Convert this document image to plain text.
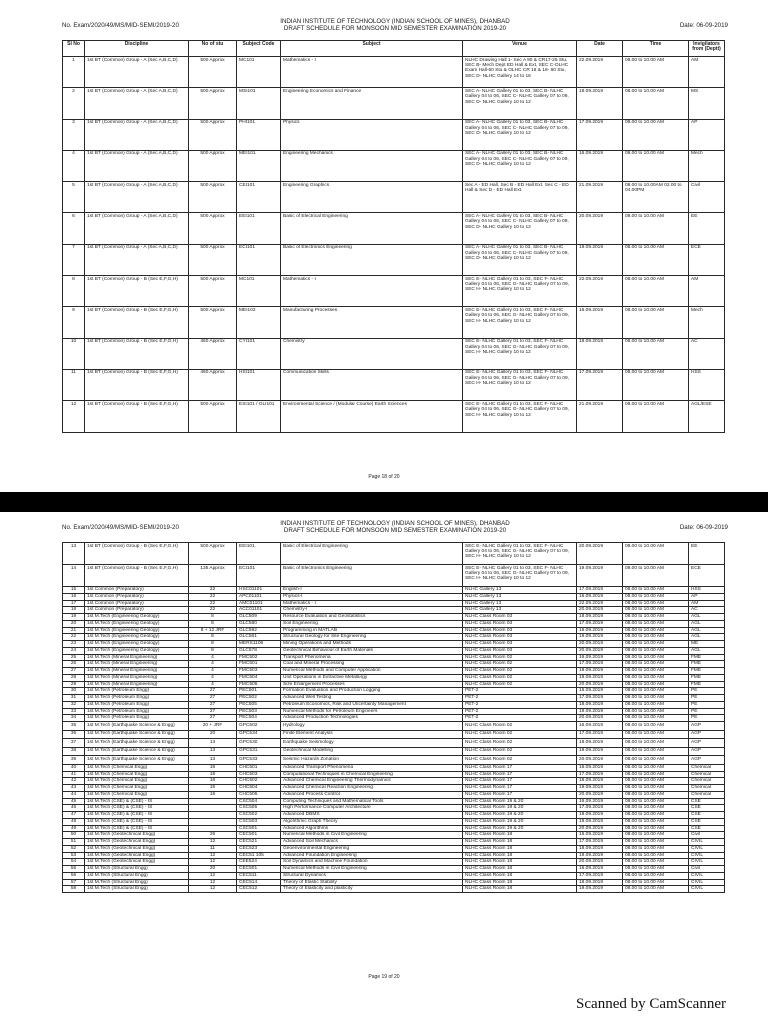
No. Exam/2020/49/MS/MID-SEMI/2019-20	Date: 06-09-2019
INDIAN INSTITUTE OF TECHNOLOGY (INDIAN SCHOOL OF MINES), DHANBAD
DRAFT SCHEDULE FOR MONSOON MID SEMESTER EXAMINATION 2019-20
Sl No	Discipline	No of stu	Subject Code	Subject	Venue	Date	Time	Invigilators from (Deptt)
1	1st BT (Common) Group - A (Sec A,B,C,D)	500 Approx	MC101	Mathematics - I	NLHC Drawing Hall 1- Sec A 90 & CR17-25 Stu, SEC B- Mech Dept ED Hall & Ext, SEC C-OLHC Exam Hall-60 Stu & OLHC CR 18 & 18- 60 Stu, SEC D- NLHC Gallery 14 to 16	22.09.2019	08.00 to 10.00 AM	AM
2	1st BT (Common) Group - A (Sec A,B,C,D)	500 Approx	MSI101	Engineering Economics and Finance	SEC A- NLHC Gallery 01 to 03, SEC B- NLHC Gallery 04 to 06, SEC C- NLHC Gallery 07 to 09, SEC D- NLHC Gallery 10 to 12	18.09.2019	08.00 to 10.00 AM	MS
3	1st BT (Common) Group - A (Sec A,B,C,D)	500 Approx	PHI101	Physics	SEC A- NLHC Gallery 01 to 03, SEC B- NLHC Gallery 04 to 06, SEC C- NLHC Gallery 07 to 09, SEC D- NLHC Gallery 10 to 12	17.09.2019	08.00 to 10.00 AM	AP
4	1st BT (Common) Group - A (Sec A,B,C,D)	500 Approx	MEI101	Engineering Mechanics	SEC A- NLHC Gallery 01 to 03, SEC B- NLHC Gallery 04 to 06, SEC C- NLHC Gallery 07 to 09, SEC D- NLHC Gallery 10 to 12	16.09.2019	08.00 to 10.00 AM	Mech
5	1st BT (Common) Group - A (Sec A,B,C,D)	500 Approx	CEI101	Engineering Graphics	Sec A - ED Hall, Sec B - ED Hall Ext. Sec C - ED Hall & Sec D - ED Hall Ext.	21.09.2019	08.00 to 10.00AM 02.00 to 04.00PM	Civil
6	1st BT (Common) Group - A (Sec A,B,C,D)	500 Approx	EEI101	Basic of Electrical Engineering	SEC A- NLHC Gallery 01 to 03, SEC B- NLHC Gallery 04 to 06, SEC C- NLHC Gallery 07 to 09, SEC D- NLHC Gallery 10 to 12	20.09.2019	08.00 to 10.00 AM	EE
7	1st BT (Common) Group - A (Sec A,B,C,D)	500 Approx	ECI101	Basic of Electronics Engineering	SEC A- NLHC Gallery 01 to 03, SEC B- NLHC Gallery 04 to 06, SEC C- NLHC Gallery 07 to 09, SEC D- NLHC Gallery 10 to 12	19.09.2019	08.00 to 10.00 AM	ECE
8	1st BT (Common) Group - B (Sec E,F,G,H)	500 Approx	MC101	Mathematics - I	SEC E- NLHC Gallery 01 to 03, SEC F- NLHC Gallery 04 to 06, SEC G- NLHC Gallery 07 to 09, SEC H- NLHC Gallery 10 to 12	22.09.2019	08.00 to 10.00 AM	AM
9	1st BT (Common) Group - B (Sec E,F,G,H)	500 Approx	MEI102	Manufacturing Processes	SEC E- NLHC Gallery 01 to 03, SEC F- NLHC Gallery 04 to 06, SEC G- NLHC Gallery 07 to 09, SEC H- NLHC Gallery 10 to 12	16.09.2019	08.00 to 10.00 AM	Mech
10	1st BT (Common) Group - B (Sec E,F,G,H)	460 Approx	CYI101	Chemistry	SEC E- NLHC Gallery 01 to 03, SEC F- NLHC Gallery 04 to 06, SEC G- NLHC Gallery 07 to 09, SEC H- NLHC Gallery 10 to 12	18.09.2019	08.00 to 10.00 AM	AC
11	1st BT (Common) Group - B (Sec E,F,G,H)	460 Approx	HSI101	Communication Skills	SEC E- NLHC Gallery 01 to 03, SEC F- NLHC Gallery 04 to 06, SEC G- NLHC Gallery 07 to 09, SEC H- NLHC Gallery 10 to 12	17.09.2019	08.00 to 10.00 AM	HSS
12	1st BT (Common) Group - B (Sec E,F,G,H)	500 Approx	ESI101 / GLI101	Environmental Science / (Modular Course) Earth Sciences	SEC E- NLHC Gallery 01 to 03, SEC F- NLHC Gallery 04 to 06, SEC G- NLHC Gallery 07 to 09, SEC H- NLHC Gallery 10 to 12	21.09.2019	08.00 to 10.00 AM	AGL/ESE
Page 18 of 20
No. Exam/2020/49/MS/MID-SEMI/2019-20	Date: 06-09-2019
INDIAN INSTITUTE OF TECHNOLOGY (INDIAN SCHOOL OF MINES), DHANBAD
DRAFT SCHEDULE FOR MONSOON MID SEMESTER EXAMINATION 2019-20
13	1st BT (Common) Group - B (Sec E,F,G,H)	500 Approx	EEI101	Basic of Electrical Engineering	SEC E- NLHC Gallery 01 to 03, SEC F- NLHC Gallery 04 to 06, SEC G- NLHC Gallery 07 to 09, SEC H- NLHC Gallery 10 to 12	20.09.2019	08.00 to 10.00 AM	EE
14	1st BT (Common) Group - B (Sec E,F,G,H)	135 Approx	ECI101	Basic of Electronics Engineering	SEC E- NLHC Gallery 01 to 03, SEC F- NLHC Gallery 04 to 06, SEC G- NLHC Gallery 07 to 09, SEC H- NLHC Gallery 10 to 12	19.09.2019	08.00 to 10.00 AM	ECE
15	1st Common (Preparatory)	22	HSC01101	English-I	NLHC Gallery 13	17.09.2019	08.00 to 10.00 AM	HSS
16	1st Common (Preparatory)	22	APC01101	Physics-I	NLHC Gallery 13	16.09.2019	08.00 to 10.00 AM	AP
17	1st Common (Preparatory)	22	AMC01101	Mathematics - I	NLHC Gallery 13	22.09.2019	08.00 to 10.00 AM	AM
18	1st Common (Preparatory)	22	ACC01101	Chemistry-I	NLHC Gallery 13	20.09.2019	08.00 to 10.00 AM	AC
19	1st M.Tech (Engineering Geology)	8	GLC509	Resource Evaluation and Geostatistics	NLHC Class Room 03	18.09.2019	08.00 to 10.00 AM	AGL
20	1st M.Tech (Engineering Geology)	8	GLC580	Soil Engineering	NLHC Class Room 03	17.09.2019	08.00 to 10.00 AM	AGL
21	1st M.Tech (Engineering Geology)	8 + 12 JRF	GLC592	Programming in MATLAB	NLHC Class Room 03	16.09.2019	08.00 to 10.00 AM	AGL
22	1st M.Tech (Engineering Geology)	8	GLC581	Structural Geology for Site Engineering	NLHC Class Room 03	19.09.2019	08.00 to 10.00 AM	AGL
23	1st M.Tech (Engineering Geology)	8	MERS1106	Mining Operations and Methods	NLHC Class Room 03	20.09.2019	08.00 to 10.00 AM	ME
24	1st M.Tech (Engineering Geology)	8	GLC578	Geotechnical Behaviour of Earth Materials	NLHC Class Room 03	20.09.2019	08.00 to 10.00 AM	AGL
25	1st M.Tech (Mineral Engineering)	4	FMC502	Transport Phenomena	NLHC Class Room 02	16.09.2019	08.00 to 10.00 AM	FME
26	1st M.Tech (Mineral Engineering)	4	FMC501	Coal and Mineral Processing	NLHC Class Room 02	17.09.2019	08.00 to 10.00 AM	FME
27	1st M.Tech (Mineral Engineering)	4	FMC503	Numerical Methods and Computer Application	NLHC Class Room 02	18.09.2019	08.00 to 10.00 AM	FME
28	1st M.Tech (Mineral Engineering)	4	FMC504	Unit Operations in Extractive Metallurgy	NLHC Class Room 02	19.09.2019	08.00 to 10.00 AM	FME
29	1st M.Tech (Mineral Engineering)	4	FMC505	Size Enlargement Processes	NLHC Class Room 02	20.09.2019	08.00 to 10.00 AM	FME
30	1st M.Tech (Petroleum Engg)	27	PEC501	Formation Evaluation and Production Logging	PET-2	16.09.2019	08.00 to 10.00 AM	PE
31	1st M.Tech (Petroleum Engg)	27	PEC502	Advanced Well Testing	PET-2	17.09.2019	08.00 to 10.00 AM	PE
32	1st M.Tech (Petroleum Engg)	27	PEC505	Petroleum Economics, Risk and Uncertainty Management	PET-2	18.09.2019	08.00 to 10.00 AM	PE
33	1st M.Tech (Petroleum Engg)	27	PEC503	Numerical Methods for Petroleum Engineers	PET-2	19.09.2019	08.00 to 10.00 AM	PE
34	1st M.Tech (Petroleum Engg)	27	PEC504	Advanced Production Technologies	PET-2	20.09.2019	08.00 to 10.00 AM	PE
35	1st M.Tech (Earthquake Science & Engg)	20 + JRF	GPC502	Hydrology	NLHC Class Room 02	16.09.2019	08.00 to 10.00 AM	AGP
36	1st M.Tech (Earthquake Science & Engg)	20	GPC534	Finite Element Analysis	NLHC Class Room 02	17.09.2019	08.00 to 10.00 AM	AGP
37	1st M.Tech (Earthquake Science & Engg)	13	GPC530	Earthquake Seismology	NLHC Class Room 02	18.09.2019	08.00 to 10.00 AM	AGP
38	1st M.Tech (Earthquake Science & Engg)	13	GPC531	Geotechnical Modelling	NLHC Class Room 02	19.09.2019	08.00 to 10.00 AM	AGP
39	1st M.Tech (Earthquake Science & Engg)	13	GPC533	Seismic Hazards Zonation	NLHC Class Room 02	20.09.2019	08.00 to 10.00 AM	AGP
40	1st M.Tech (Chemical Engg)	16	CHC501	Advanced Transport Phenomena	NLHC Class Room 17	16.09.2019	08.00 to 10.00 AM	Chemical
41	1st M.Tech (Chemical Engg)	16	CHC503	Computational Techniques in Chemical Engineering	NLHC Class Room 17	17.09.2019	08.00 to 10.00 AM	Chemical
42	1st M.Tech (Chemical Engg)	16	CHC502	Advanced Chemical Engineering Thermodynamics	NLHC Class Room 17	18.09.2019	08.00 to 10.00 AM	Chemical
43	1st M.Tech (Chemical Engg)	16	CHC504	Advanced Chemical Reaction Engineering	NLHC Class Room 17	19.09.2019	08.00 to 10.00 AM	Chemical
44	1st M.Tech (Chemical Engg)	16	CHC505	Advanced Process Control	NLHC Class Room 17	20.09.2019	08.00 to 10.00 AM	Chemical
45	1st M.Tech (CSE) & (CSE) - IS		CSC504	Computing Techniques and Mathematical Tools	NLHC Class Room 19 & 20	16.09.2019	08.00 to 10.00 AM	CSE
46	1st M.Tech (CSE) & (CSE) - IS		CSC505	High Performance Computer Architecture	NLHC Class Room 19 & 20	17.09.2019	08.00 to 10.00 AM	CSE
47	1st M.Tech (CSE) & (CSE) - IS		CSC502	Advanced DBMS	NLHC Class Room 19 & 20	18.09.2019	08.00 to 10.00 AM	CSE
48	1st M.Tech (CSE) & (CSE) - IS		CSC503	Algorithmic Graph Theory	NLHC Class Room 19 & 20	19.09.2019	08.00 to 10.00 AM	CSE
49	1st M.Tech (CSE) & (CSE) - IS		CSC501	Advanced Algorithms	NLHC Class Room 19 & 20	20.09.2019	08.00 to 10.00 AM	CSE
50	1st M.Tech (Geotechnical Engg)	26	CEC501	Numerical Methods in Civil Engineering	NLHC Class Room 18	16.09.2019	08.00 to 10.00 AM	Civil
51	1st M.Tech (Geotechnical Engg)	12	CEC521	Advanced Soil Mechanics	NLHC Class Room 18	17.09.2019	08.00 to 10.00 AM	CIVIL
52	1st M.Tech (Geotechnical Engg)	11	CEC523	Geoenvironmental Engineering	NLHC Class Room 18	18.09.2019	08.00 to 10.00 AM	CIVIL
53	1st M.Tech (Geotechnical Engg)	12	CEC51 105	Advanced Foundation Engineering	NLHC Class Room 18	19.09.2019	08.00 to 10.00 AM	CIVIL
54	1st M.Tech (Geotechnical Engg)	12	CEE524	Soil Dynamics and Machine Foundation	NLHC Class Room 18	20.09.2019	08.00 to 10.00 AM	CIVIL
55	1st M.Tech (Structural Engg)	20	CEC501	Numerical Methods in Civil Engineering	NLHC Class Room 18	16.09.2019	08.00 to 10.00 AM	Civil
56	1st M.Tech (Structural Engg)	12	CEC511	Structural Dynamics	NLHC Class Room 18	17.09.2019	08.00 to 10.00 AM	CIVIL
57	1st M.Tech (Structural Engg)	12	CEC514	Theory of Elastic Stability	NLHC Class Room 18	18.09.2019	08.00 to 10.00 AM	CIVIL
58	1st M.Tech (Structural Engg)	12	CEC512	Theory of Elasticity and plasticity	NLHC Class Room 18	19.09.2019	08.00 to 10.00 AM	CIVIL
Page 19 of 20
Scanned by CamScanner
